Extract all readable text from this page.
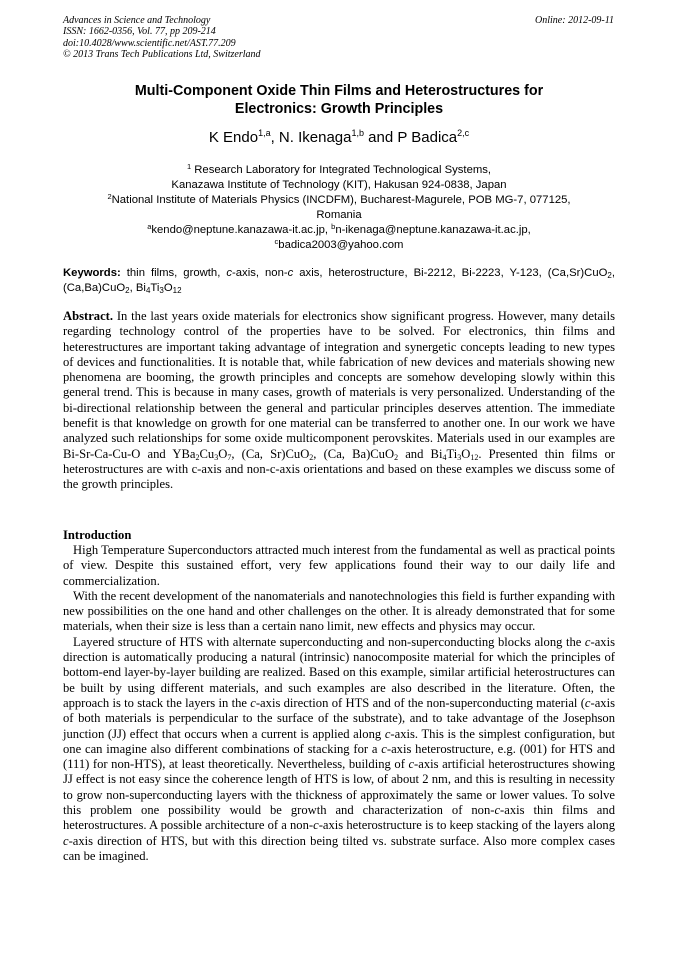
Advances in Science and Technology
ISSN: 1662-0356, Vol. 77, pp 209-214
doi:10.4028/www.scientific.net/AST.77.209
© 2013 Trans Tech Publications Ltd, Switzerland
Online: 2012-09-11
Multi-Component Oxide Thin Films and Heterostructures for
Electronics: Growth Principles
K Endo$^{1,a}$, N. Ikenaga$^{1,b}$ and P Badica$^{2,c}$
$^1$ Research Laboratory for Integrated Technological Systems,
Kanazawa Institute of Technology (KIT), Hakusan 924-0838, Japan
$^2$National Institute of Materials Physics (INCDFM), Bucharest-Magurele, POB MG-7, 077125,
Romania
$^a$kendo@neptune.kanazawa-it.ac.jp, $^b$n-ikenaga@neptune.kanazawa-it.ac.jp,
$^c$badica2003@yahoo.com
Keywords: thin films, growth, c-axis, non-c axis, heterostructure, Bi-2212, Bi-2223, Y-123, (Ca,Sr)CuO$_2$, (Ca,Ba)CuO$_2$, $Bi_4Ti_3O_{12}$
Abstract. In the last years oxide materials for electronics show significant progress. However, many details regarding technology control of the properties have to be solved. For electronics, thin films and heterestructures are important taking advantage of integration and synergetic concepts leading to new types of devices and functionalities. It is notable that, while fabrication of new devices and materials showing new phenomena are booming, the growth principles and concepts are somehow developing slowly within this general trend. This is because in many cases, growth of materials is very personalized. Understanding of the bi-directional relationship between the general and particular principles deserves attention. The immediate benefit is that knowledge on growth for one material can be transferred to another one. In our work we have analyzed such relationships for some oxide multicomponent perovskites. Materials used in our examples are Bi-Sr-Ca-Cu-O and $YBa_2Cu_3O_7$, (Ca, Sr)CuO$_2$, (Ca, Ba)CuO$_2$ and $Bi_4Ti_3O_{12}$. Presented thin films or heterostructures are with c-axis and non-c-axis orientations and based on these examples we discuss some of the growth principles.
Introduction

High Temperature Superconductors attracted much interest from the fundamental as well as practical points of view. Despite this sustained effort, very few applications found their way to our daily life and commercialization.

With the recent development of the nanomaterials and nanotechnologies this field is further expanding with new possibilities on the one hand and other challenges on the other. It is already demonstrated that for some materials, when their size is less than a certain nano limit, new effects and physics may occur.

Layered structure of HTS with alternate superconducting and non-superconducting blocks along the c-axis direction is automatically producing a natural (intrinsic) nanocomposite material for which the principles of bottom-end layer-by-layer building are realized. Based on this example, similar artificial heterostructures can be built by using different materials, and such examples are also described in the literature. Often, the approach is to stack the layers in the c-axis direction of HTS and of the non-superconducting material (c-axis of both materials is perpendicular to the surface of the substrate), and to take advantage of the Josephson junction (JJ) effect that occurs when a current is applied along c-axis. This is the simplest configuration, but one can imagine also different combinations of stacking for a c-axis heterostructure, e.g. (001) for HTS and (111) for non-HTS), at least theoretically. Nevertheless, building of c-axis artificial heterostructures showing JJ effect is not easy since the coherence length of HTS is low, of about 2 nm, and this is resulting in necessity to grow non-superconducting layers with the thickness of approximately the same or lower values. To solve this problem one possibility would be growth and characterization of non-c-axis thin films and heterostructures. A possible architecture of a non-c-axis heterostructure is to keep stacking of the layers along c-axis direction of HTS, but with this direction being tilted vs. substrate surface. Also more complex cases can be imagined.
